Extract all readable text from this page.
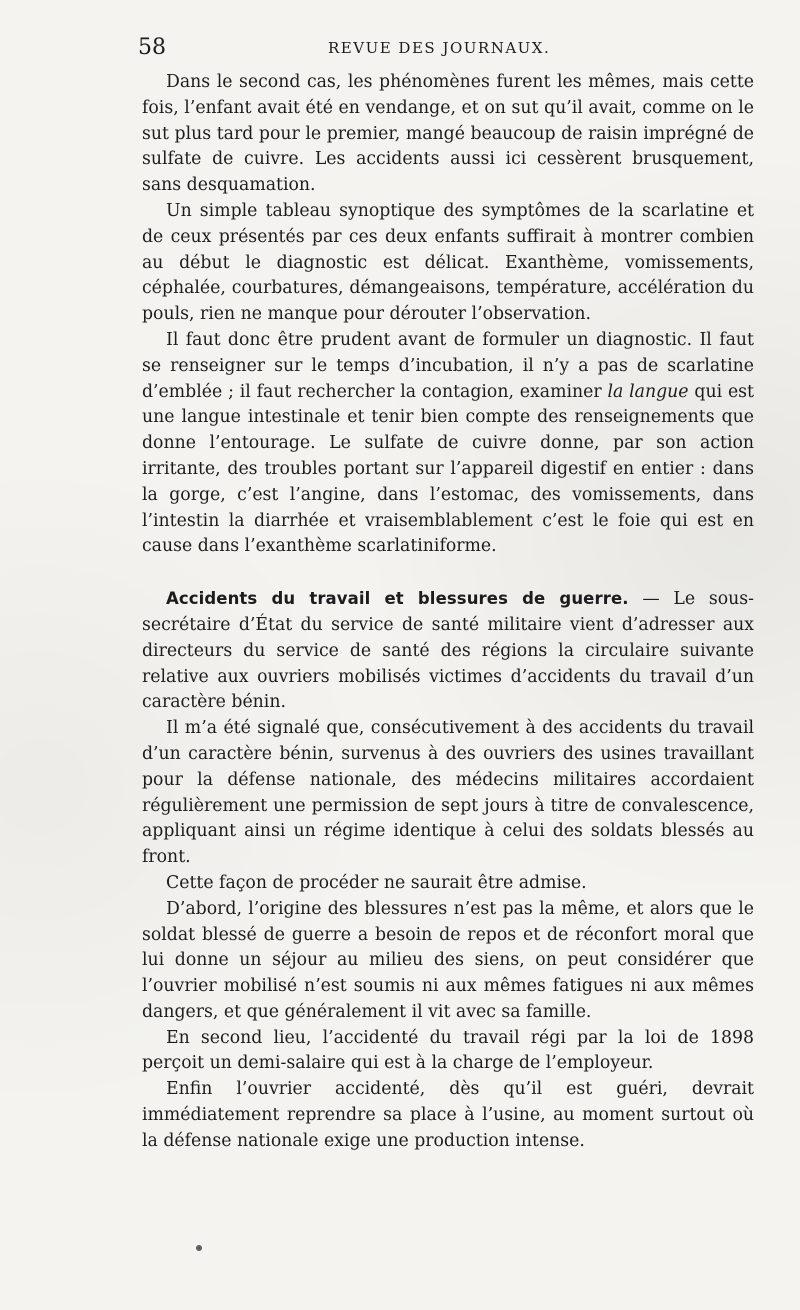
58	REVUE DES JOURNAUX.

Dans le second cas, les phénomènes furent les mêmes, mais cette fois, l’enfant avait été en vendange, et on sut qu’il avait, comme on le sut plus tard pour le premier, mangé beaucoup de raisin imprégné de sulfate de cuivre. Les accidents aussi ici cessèrent brusquement, sans desquamation.

Un simple tableau synoptique des symptômes de la scarlatine et de ceux présentés par ces deux enfants suffirait à montrer combien au début le diagnostic est délicat. Exanthème, vomissements, céphalée, courbatures, démangeaisons, température, accélération du pouls, rien ne manque pour dérouter l’observation.

Il faut donc être prudent avant de formuler un diagnostic. Il faut se renseigner sur le temps d’incubation, il n’y a pas de scarlatine d’emblée ; il faut rechercher la contagion, examiner la langue qui est une langue intestinale et tenir bien compte des renseignements que donne l’entourage. Le sulfate de cuivre donne, par son action irritante, des troubles portant sur l’appareil digestif en entier : dans la gorge, c’est l’angine, dans l’estomac, des vomissements, dans l’intestin la diarrhée et vraisemblablement c’est le foie qui est en cause dans l’exanthème scarlatiniforme.

Accidents du travail et blessures de guerre. — Le sous-secrétaire d’État du service de santé militaire vient d’adresser aux directeurs du service de santé des régions la circulaire suivante relative aux ouvriers mobilisés victimes d’accidents du travail d’un caractère bénin.

Il m’a été signalé que, consécutivement à des accidents du travail d’un caractère bénin, survenus à des ouvriers des usines travaillant pour la défense nationale, des médecins militaires accordaient régulièrement une permission de sept jours à titre de convalescence, appliquant ainsi un régime identique à celui des soldats blessés au front.

Cette façon de procéder ne saurait être admise.

D’abord, l’origine des blessures n’est pas la même, et alors que le soldat blessé de guerre a besoin de repos et de réconfort moral que lui donne un séjour au milieu des siens, on peut considérer que l’ouvrier mobilisé n’est soumis ni aux mêmes fatigues ni aux mêmes dangers, et que généralement il vit avec sa famille.

En second lieu, l’accidenté du travail régi par la loi de 1898 perçoit un demi-salaire qui est à la charge de l’employeur.

Enfin l’ouvrier accidenté, dès qu’il est guéri, devrait immédiatement reprendre sa place à l’usine, au moment surtout où la défense nationale exige une production intense.
